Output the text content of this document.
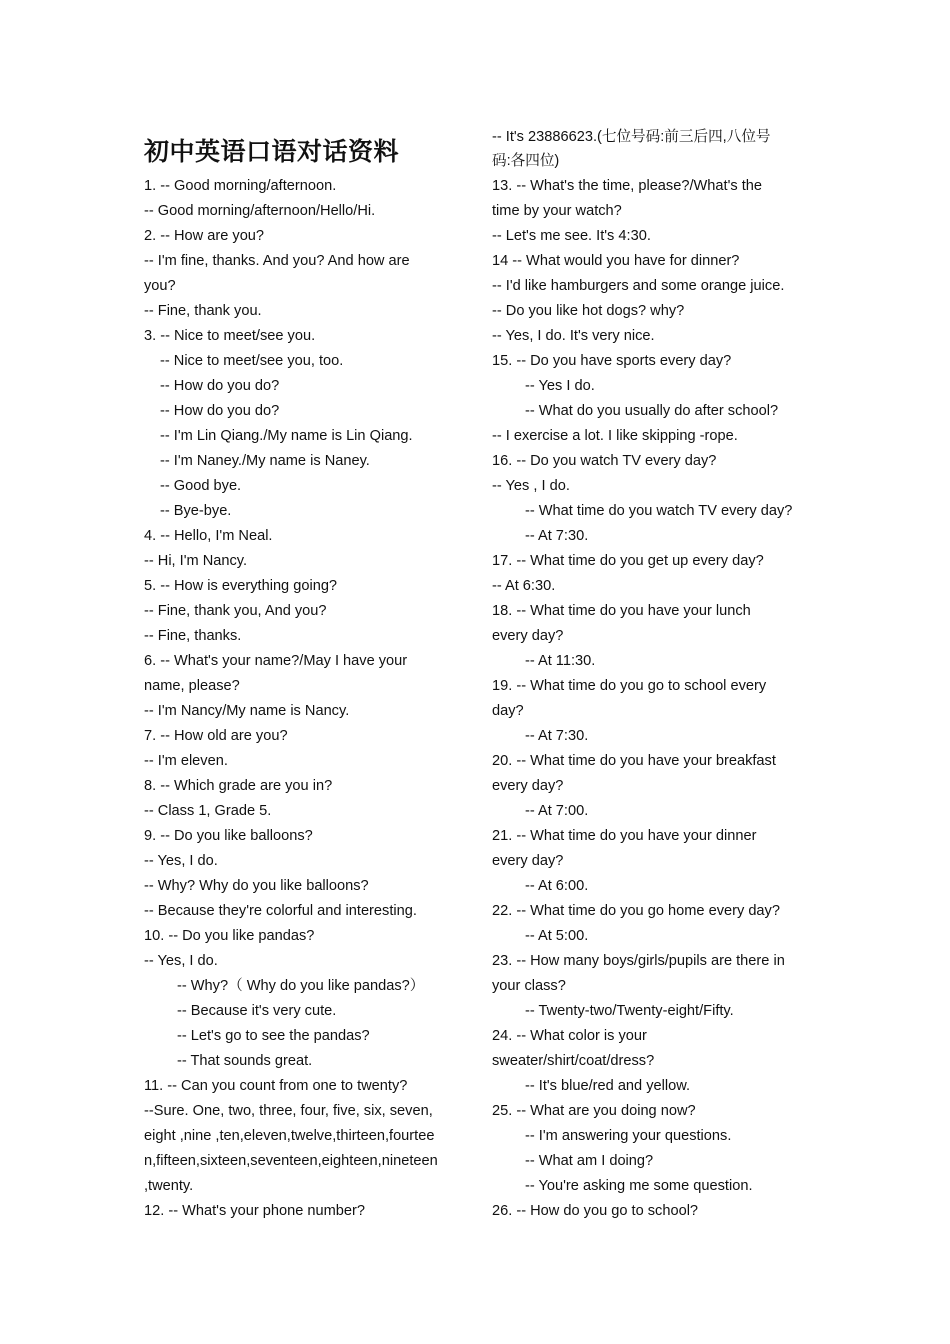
初中英语口语对话资料
1. -- Good morning/afternoon.
-- Good morning/afternoon/Hello/Hi.
2. -- How are you?
-- I'm fine, thanks. And you? And how are
you?
-- Fine, thank you.
3. -- Nice to meet/see you.
-- Nice to meet/see you, too.
-- How do you do?
-- How do you do?
-- I'm Lin Qiang./My name is Lin Qiang.
-- I'm Naney./My name is Naney.
-- Good bye.
-- Bye-bye.
4. -- Hello, I'm Neal.
-- Hi, I'm Nancy.
5. -- How is everything going?
-- Fine, thank you, And you?
-- Fine, thanks.
6. -- What's your name?/May I have your
name, please?
-- I'm Nancy/My name is Nancy.
7. -- How old are you?
-- I'm eleven.
8. -- Which grade are you in?
-- Class 1, Grade 5.
9. -- Do you like balloons?
-- Yes, I do.
-- Why? Why do you like balloons?
-- Because they're colorful and interesting.
10. -- Do you like pandas?
-- Yes, I do.
-- Why?（ Why do you like pandas?）
-- Because it's very cute.
-- Let's go to see the pandas?
-- That sounds great.
11. -- Can you count from one to twenty?
--Sure. One, two, three, four, five, six, seven,
eight ,nine ,ten,eleven,twelve,thirteen,fourtee
n,fifteen,sixteen,seventeen,eighteen,nineteen
,twenty.
12. -- What's your phone number?
-- It's 23886623.(七位号码:前三后四,八位号
码:各四位)
13. -- What's the time, please?/What's the
time by your watch?
-- Let's me see. It's 4:30.
14 -- What would you have for dinner?
-- I'd like hamburgers and some orange juice.
-- Do you like hot dogs? why?
-- Yes, I do. It's very nice.
15. -- Do you have sports every day?
-- Yes I do.
-- What do you usually do after school?
-- I exercise a lot. I like skipping -rope.
16. -- Do you watch TV every day?
-- Yes , I do.
-- What time do you watch TV every day?
-- At 7:30.
17. -- What time do you get up every day?
-- At 6:30.
18. -- What time do you have your lunch
every day?
-- At 11:30.
19. -- What time do you go to school every
day?
-- At 7:30.
20. -- What time do you have your breakfast
every day?
-- At 7:00.
21. -- What time do you have your dinner
every day?
-- At 6:00.
22. -- What time do you go home every day?
-- At 5:00.
23. -- How many boys/girls/pupils are there in
your class?
-- Twenty-two/Twenty-eight/Fifty.
24. -- What color is your
sweater/shirt/coat/dress?
-- It's blue/red and yellow.
25. -- What are you doing now?
-- I'm answering your questions.
-- What am I doing?
-- You're asking me some question.
26. -- How do you go to school?
